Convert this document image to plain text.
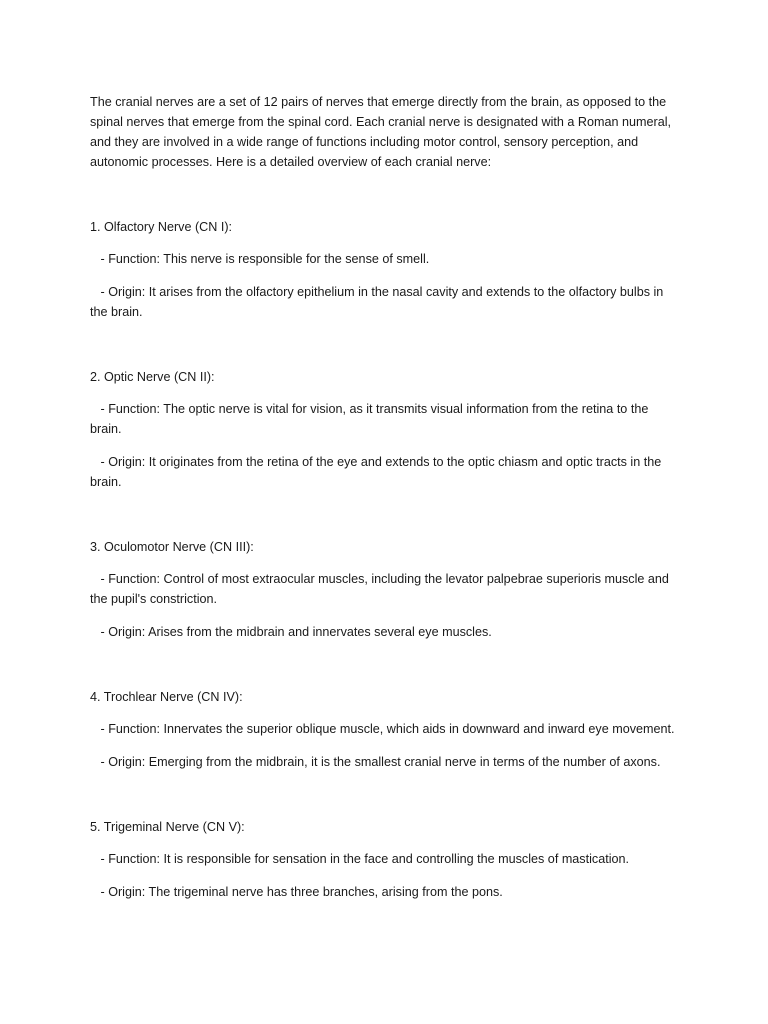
The cranial nerves are a set of 12 pairs of nerves that emerge directly from the brain, as opposed to the spinal nerves that emerge from the spinal cord. Each cranial nerve is designated with a Roman numeral, and they are involved in a wide range of functions including motor control, sensory perception, and autonomic processes. Here is a detailed overview of each cranial nerve:

1. Olfactory Nerve (CN I):

- Function: This nerve is responsible for the sense of smell.

- Origin: It arises from the olfactory epithelium in the nasal cavity and extends to the olfactory bulbs in the brain.

2. Optic Nerve (CN II):

- Function: The optic nerve is vital for vision, as it transmits visual information from the retina to the brain.

- Origin: It originates from the retina of the eye and extends to the optic chiasm and optic tracts in the brain.

3. Oculomotor Nerve (CN III):

- Function: Control of most extraocular muscles, including the levator palpebrae superioris muscle and the pupil's constriction.

- Origin: Arises from the midbrain and innervates several eye muscles.

4. Trochlear Nerve (CN IV):

- Function: Innervates the superior oblique muscle, which aids in downward and inward eye movement.

- Origin: Emerging from the midbrain, it is the smallest cranial nerve in terms of the number of axons.

5. Trigeminal Nerve (CN V):

- Function: It is responsible for sensation in the face and controlling the muscles of mastication.

- Origin: The trigeminal nerve has three branches, arising from the pons.
